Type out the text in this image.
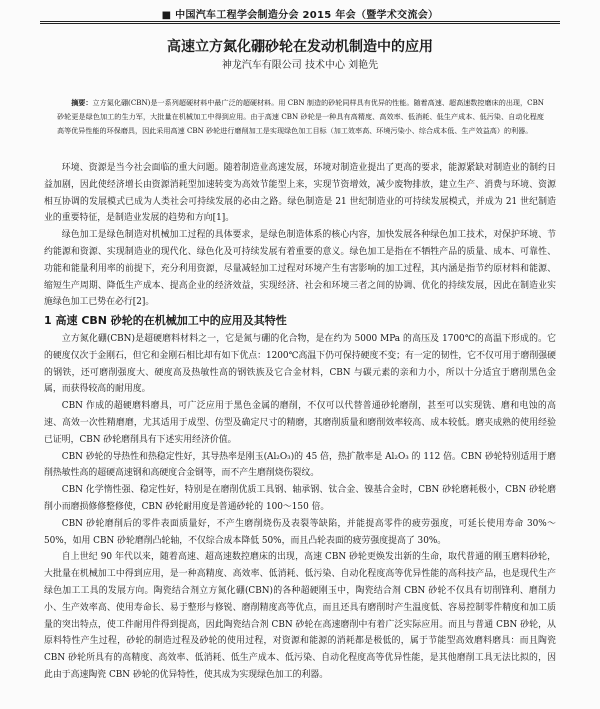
■ 中国汽车工程学会制造分会 2015 年会（暨学术交流会）
高速立方氮化硼砂轮在发动机制造中的应用
神龙汽车有限公司 技术中心 刘艳先

摘要：立方氮化硼(CBN)是一系列超硬材料中最广泛的超硬材料。用 CBN 制造的砂轮同样具有优异的性能。随着高速、超高速数控磨床的出现，CBN 砂轮更是绿色加工的生力军，大批量在机械加工中得到应用。由于高速 CBN 砂轮是一种具有高精度、高效率、低消耗、低生产成本、低污染、自动化程度高等优异性能的环保磨具，因此采用高速 CBN 砂轮进行磨削加工是实现绿色加工目标（加工效率高、环境污染小、综合成本低、生产效益高）的利器。

环境、资源是当今社会面临的重大问题。随着制造业高速发展，环境对制造业提出了更高的要求，能源紧缺对制造业的制约日益加剧，因此使经济增长由资源消耗型加速转变为高效节能型上来，实现节资增效，减少废物排放，建立生产、消费与环境、资源相互协调的发展模式已成为人类社会可持续发展的必由之路。绿色制造是 21 世纪制造业的可持续发展模式，并成为 21 世纪制造业的重要特征，是制造业发展的趋势和方向[1]。

绿色加工是绿色制造对机械加工过程的具体要求，是绿色制造体系的核心内容，加快发展各种绿色加工技术，对保护环境、节约能源和资源、实现制造业的现代化、绿色化及可持续发展有着重要的意义。绿色加工是指在不牺牲产品的质量、成本、可靠性、功能和能量利用率的前提下，充分利用资源，尽量减轻加工过程对环境产生有害影响的加工过程，其内涵是指节约原材料和能源、缩短生产周期、降低生产成本、提高企业的经济效益，实现经济、社会和环境三者之间的协调、优化的持续发展，因此在制造业实施绿色加工已势在必行[2]。

1 高速 CBN 砂轮的在机械加工中的应用及其特性

立方氮化硼(CBN)是超硬磨料材料之一，它是氮与硼的化合物，是在约为 5000 MPa 的高压及 1700℃的高温下形成的。它的硬度仅次于金刚石，但它和金刚石相比却有如下优点：1200℃高温下仍可保持硬度不变；有一定的韧性，它不仅可用于磨削强硬的钢铁，还可磨削强度大、硬度高及热敏性高的钢铁族及它合金材料，CBN 与碳元素的亲和力小，所以十分适宜于磨削黑色金属，而获得较高的耐用度。

CBN 作成的超硬磨料磨具，可广泛应用于黑色金属的磨削，不仅可以代替普通砂轮磨削，甚至可以实现铣、磨和电蚀的高速、高效一次性精磨磨，尤其适用于成型、仿型及确定尺寸的精磨，其磨削质量和磨削效率较高、成本较低。磨夹成熟的使用经验已证明，CBN 砂轮磨削具有下述实用经济价值。

CBN 砂轮的导热性和热稳定性好，其导热率是刚玉(Al₂O₃)的 45 倍，热扩散率是 Al₂O₃ 的 112 倍。CBN 砂轮特别适用于磨削热敏性高的超硬高速钢和高硬度合金钢等，而不产生磨削烧伤裂纹。

CBN 化学惰性强、稳定性好，特别是在磨削优质工具钢、轴承钢、钛合金、镍基合金时，CBN 砂轮磨耗极小，CBN 砂轮磨削小而磨损修修整修使，CBN 砂轮耐用度是普通砂轮的 100～150 倍。

CBN 砂轮磨削后的零件表面质量好，不产生磨削烧伤及表裂等缺陷，并能提高零件的疲劳强度，可延长使用寿命 30%～50%，如用 CBN 砂轮磨削凸轮轴，不仅综合成本降低 50%，而且凸轮表面的疲劳强度提高了 30%。

自上世纪 90 年代以来，随着高速、超高速数控磨床的出现，高速 CBN 砂轮更焕发出新的生命，取代普通的刚玉磨料砂轮，大批量在机械加工中得到应用，是一种高精度、高效率、低消耗、低污染、自动化程度高等优异性能的高科技产品，也是现代生产绿色加工工具的发展方向。陶瓷结合剂立方氮化硼(CBN)的各种超硬刚玉中，陶瓷结合剂 CBN 砂轮不仅具有切削锋利、磨削力小、生产效率高、使用寿命长、易于整形与修锐、磨削精度高等优点，而且还具有磨削时产生温度低、容易控制零件精度和加工质量的突出特点，使工件耐用件得到提高，因此陶瓷结合剂 CBN 砂轮在高速磨削中有着广泛实际应用。而且与普通 CBN 砂轮，从原料特性产生过程，砂轮的制造过程及砂轮的使用过程，对资源和能源的消耗都是极低的，属于节能型高效磨料磨具：而且陶瓷 CBN 砂轮所具有的高精度、高效率、低消耗、低生产成本、低污染、自动化程度高等优异性能，是其他磨削工具无法比拟的，因此由于高速陶瓷 CBN 砂轮的优异特性，使其成为实现绿色加工的利器。
